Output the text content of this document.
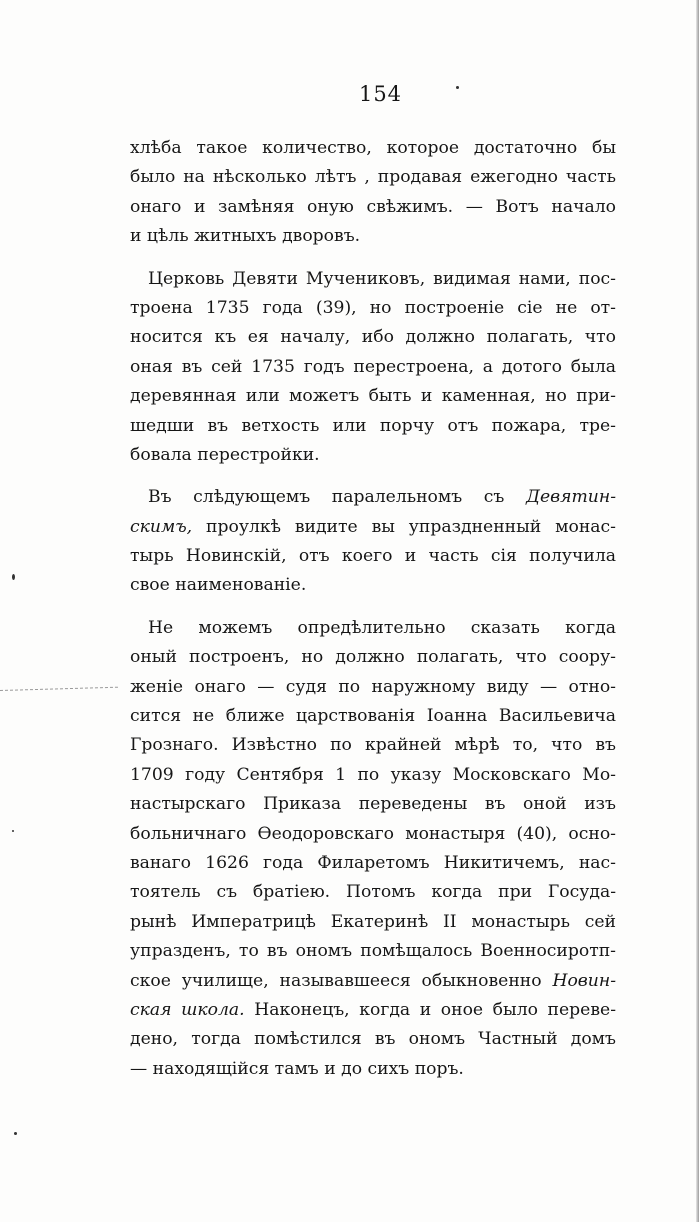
154
хлѣба такое количество, которое достаточно бы
было на нѣсколько лѣтъ , продавая ежегодно часть
онаго и замѣняя оную свѣжимъ. — Вотъ начало
и цѣль житныхъ дворовъ.
Церковь Девяти Мучениковъ, видимая нами, пос-
троена 1735 года (39), но построеніе сіе не от-
носится къ ея началу, ибо должно полагать, что
оная въ сей 1735 годъ перестроена, а дотого была
деревянная или можетъ быть и каменная, но при-
шедши въ ветхость или порчу отъ пожара, тре-
бовала перестройки.
Въ слѣдующемъ паралельномъ съ Девятин-
скимъ, проулкѣ видите вы упраздненный монас-
тырь Новинскій, отъ коего и часть сія получила
свое наименованіе.
Не можемъ опредѣлительно сказать когда
оный построенъ, но должно полагать, что соору-
женіе онаго — судя по наружному виду — отно-
сится не ближе царствованія Іоанна Васильевича
Грознаго. Извѣстно по крайней мѣрѣ то, что въ
1709 году Сентября 1 по указу Московскаго Мо-
настырскаго Приказа переведены въ оной изъ
больничнаго Ѳеодоровскаго монастыря (40), осно-
ванаго 1626 года Филаретомъ Никитичемъ, нас-
тоятель съ братіею. Потомъ когда при Госуда-
рынѣ Императрицѣ Екатеринѣ II монастырь сей
упразденъ, то въ ономъ помѣщалось Военносиротп-
ское училище, называвшееся обыкновенно Новин-
ская школа. Наконецъ, когда и оное было переве-
дено, тогда помѣстился въ ономъ Частный домъ
— находящійся тамъ и до сихъ поръ.
